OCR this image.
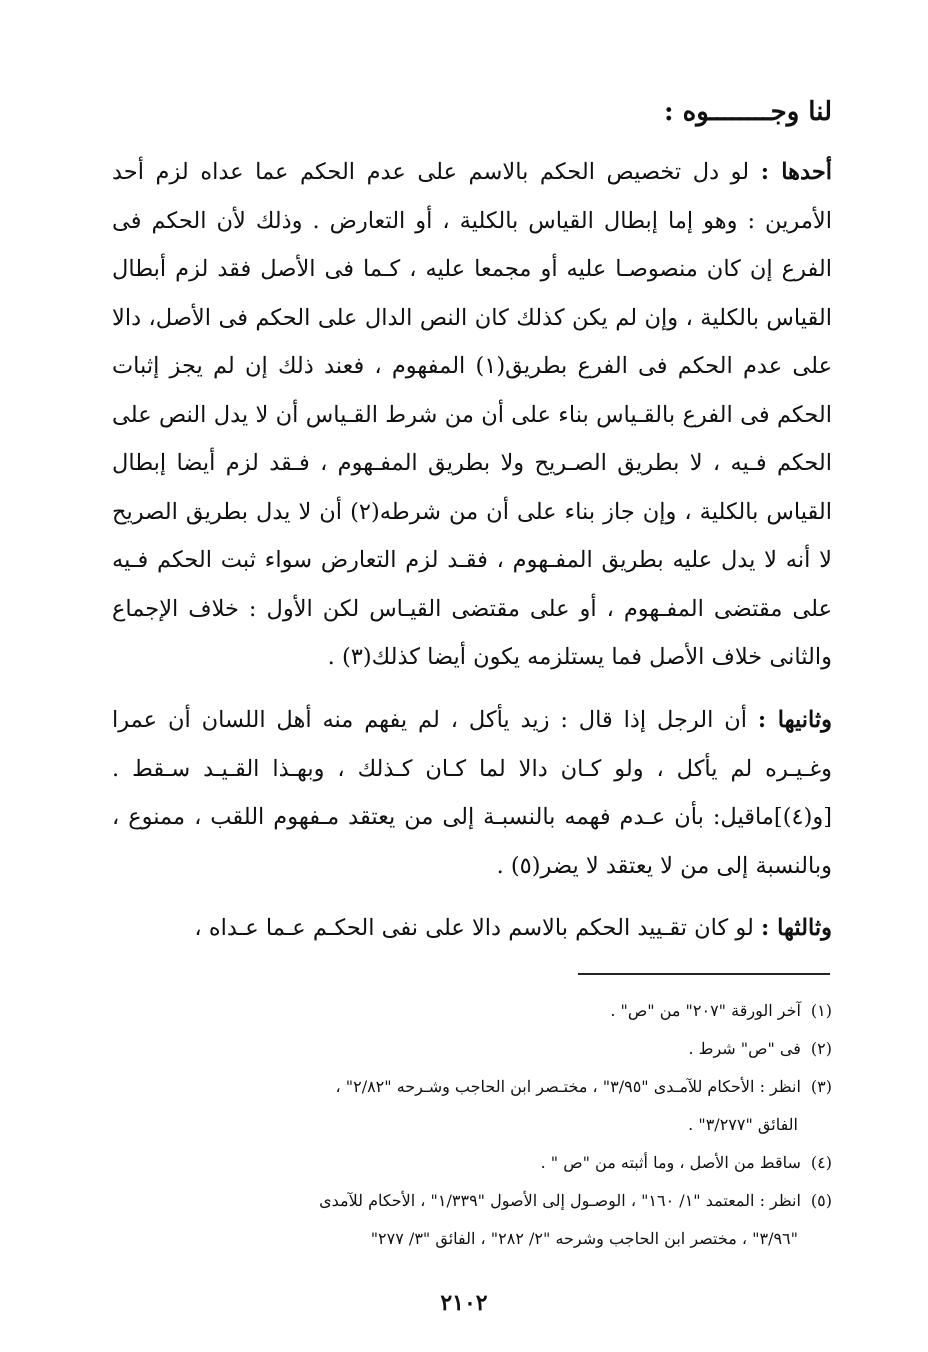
لنا وجــــــــوه :

أحدها : لو دل تخصيص الحكم بالاسم على عدم الحكم عما عداه لزم أحد الأمرين : وهو إما إبطال القياس بالكلية ، أو التعارض . وذلك لأن الحكم فى الفرع إن كان منصوصـا عليه أو مجمعا عليه ، كـما فى الأصل فقد لزم أبطال القياس بالكلية ، وإن لم يكن كذلك كان النص الدال على الحكم فى الأصل، دالا على عدم الحكم فى الفرع بطريق(١) المفهوم ، فعند ذلك إن لم يجز إثبات الحكم فى الفرع بالقـياس بناء على أن من شرط القـياس أن لا يدل النص على الحكم فـيه ، لا بطريق الصـريح ولا بطريق المفـهوم ، فـقد لزم أيضا إبطال القياس بالكلية ، وإن جاز بناء على أن من شرطه(٢) أن لا يدل بطريق الصريح لا أنه لا يدل عليه بطريق المفـهوم ، فقـد لزم التعارض سواء ثبت الحكم فـيه على مقتضى المفـهوم ، أو على مقتضى القيـاس لكن الأول : خلاف الإجماع والثانى خلاف الأصل فما يستلزمه يكون أيضا كذلك(٣) .

وثانيها : أن الرجل إذا قال : زيد يأكل ، لم يفهم منه أهل اللسان أن عمرا وغـيـره لم يأكل ، ولو كـان دالا لما كـان كـذلك ، وبهـذا القـيـد سـقط . [و(٤)]ماقيل: بأن عـدم فهمه بالنسبـة إلى من يعتقد مـفهوم اللقب ، ممنوع ، وبالنسبة إلى من لا يعتقد لا يضر(٥) .

وثالثها : لو كان تقـييد الحكم بالاسم دالا على نفى الحكـم عـما عـداه ،

(١)آخر الورقة "٢٠٧" من "ص" .

(٢)فى "ص" شرط .

(٣)انظر : الأحكام للآمـدى "٣/٩٥" ، مختـصر ابن الحاجب وشـرحه "٢/٨٢" ،

الفائق "٣/٢٧٧" .

(٤)ساقط من الأصل ، وما أثبته من "ص " .

(٥)انظر : المعتمد "١/ ١٦٠" ، الوصـول إلى الأصول "١/٣٣٩" ، الأحكام للآمدى

"٣/٩٦" ، مختصر ابن الحاجب وشرحه "٢/ ٢٨٢" ، الفائق "٣/ ٢٧٧"

٢١٠٢
